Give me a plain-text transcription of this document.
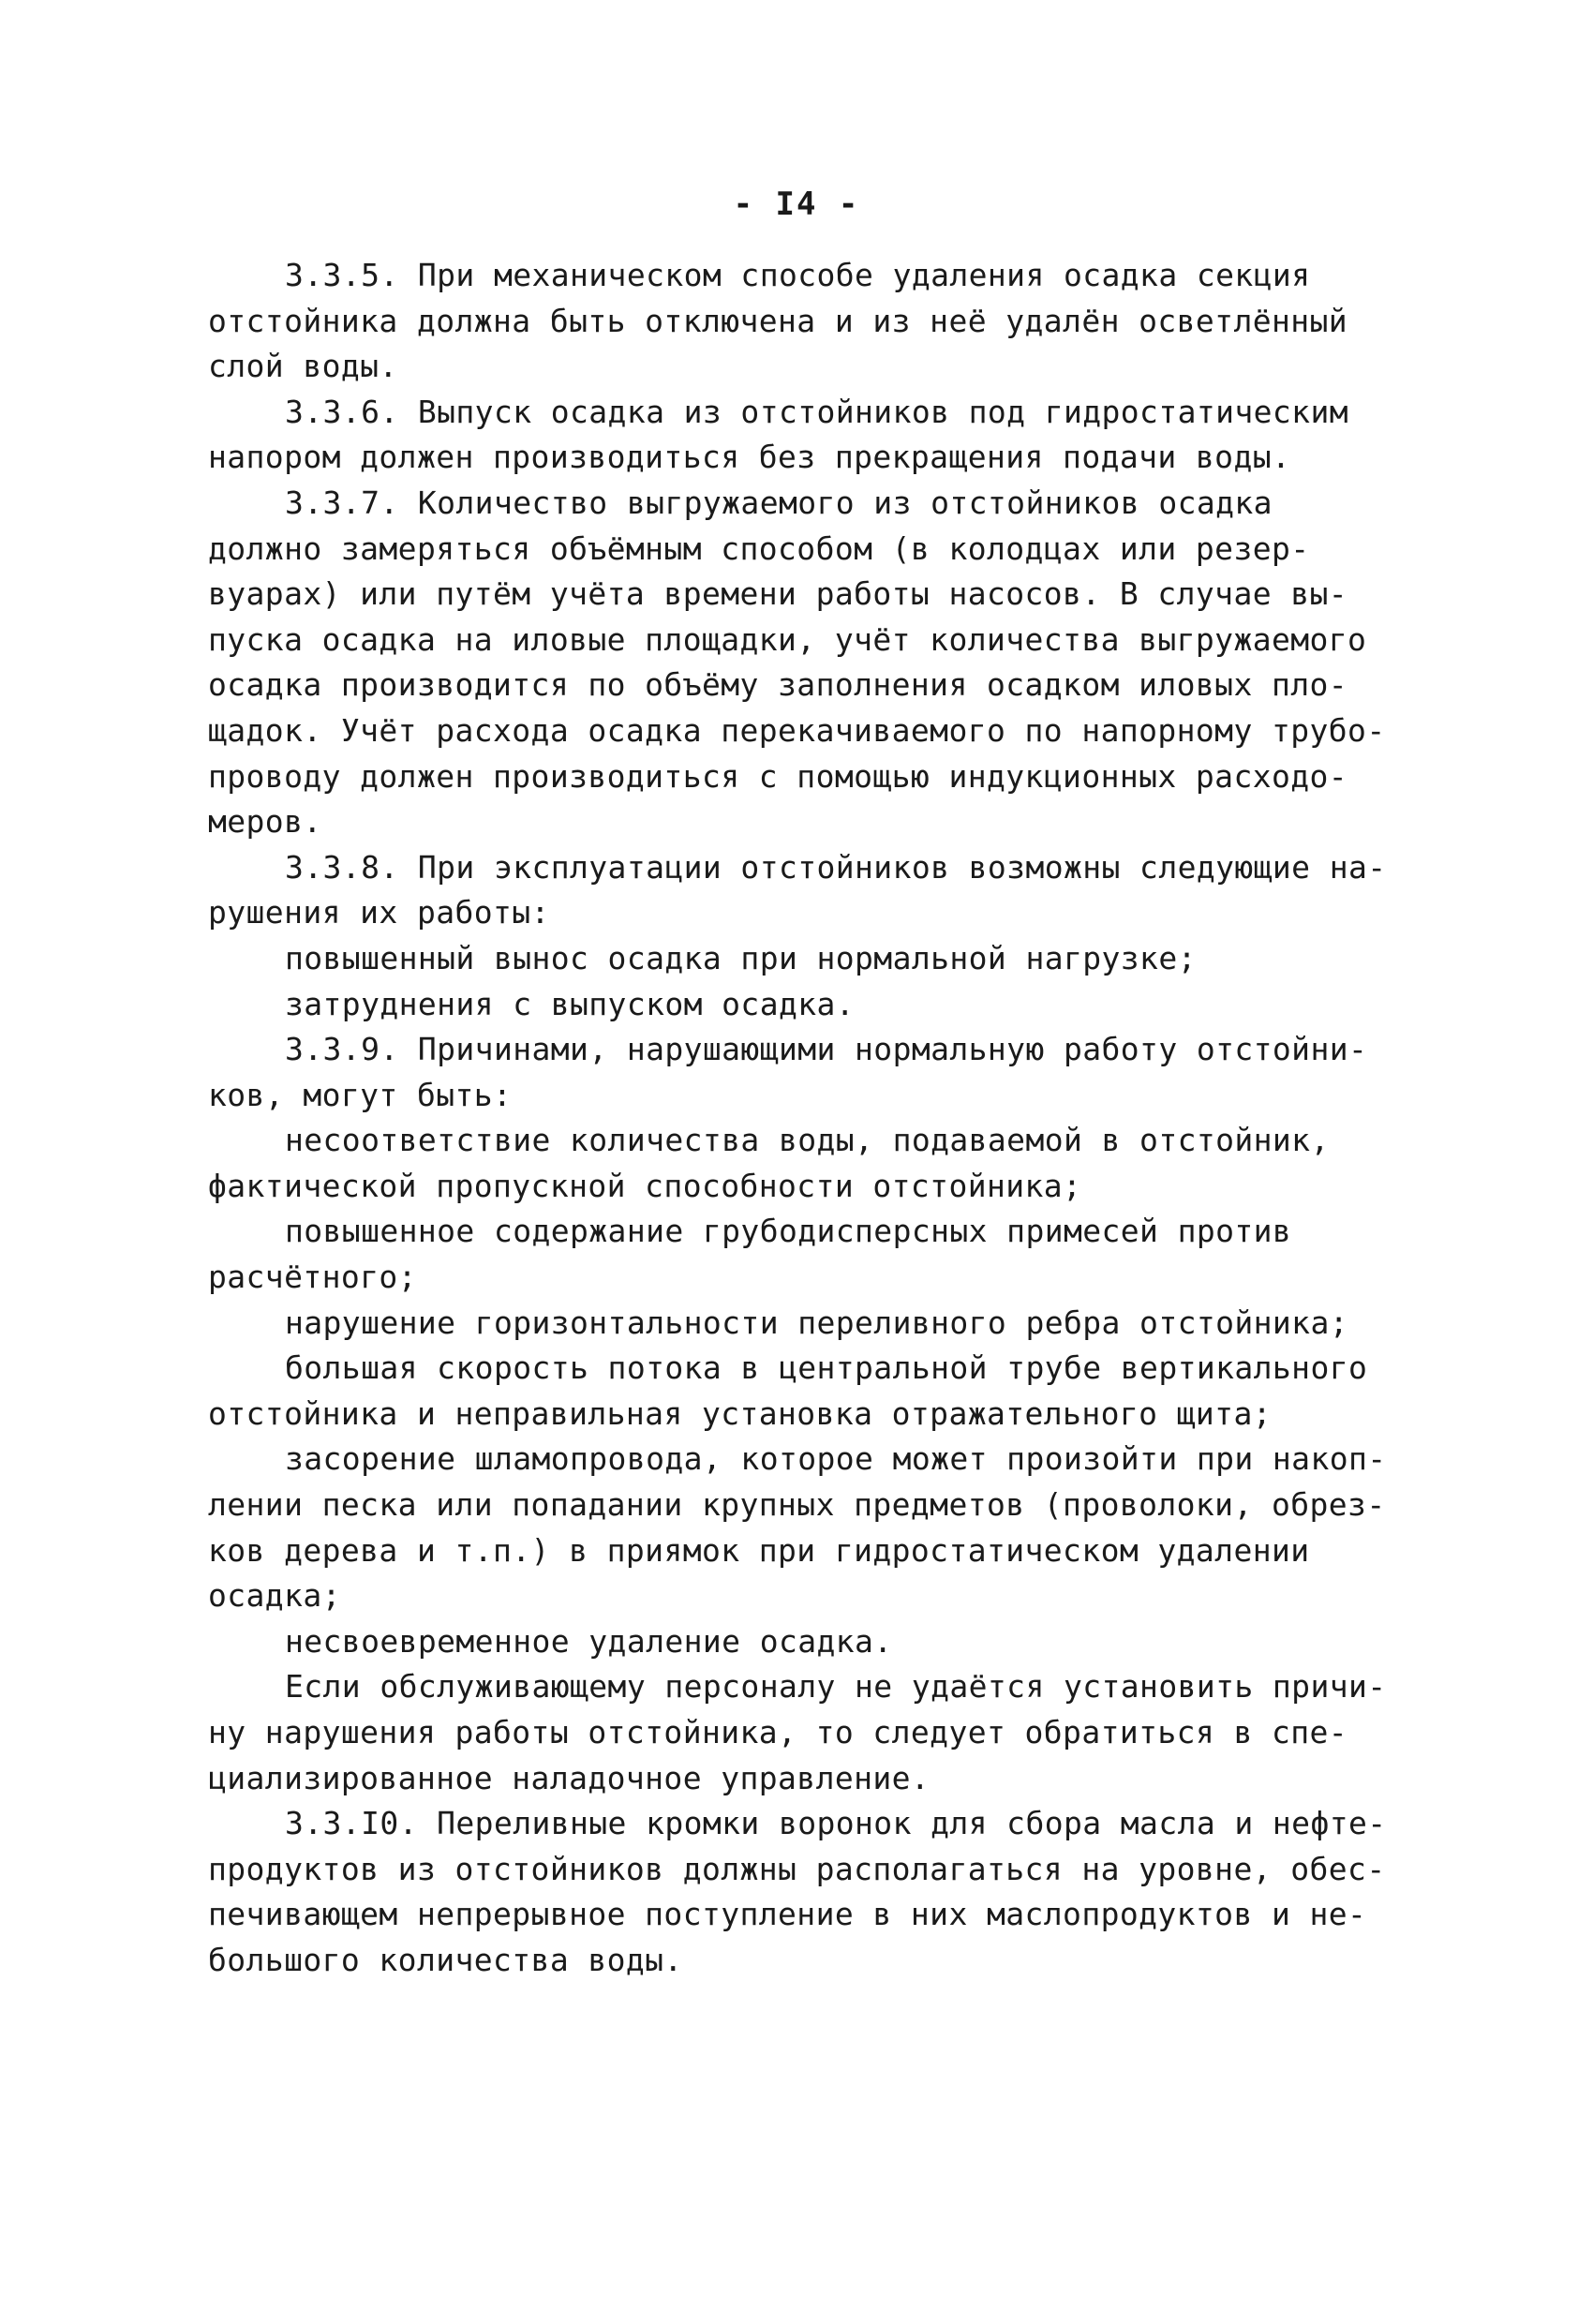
- I4 -
3.3.5. При механическом способе удаления осадка секция
отстойника должна быть отключена и из неё удалён осветлённый
слой воды.
3.3.6. Выпуск осадка из отстойников под гидростатическим
напором должен производиться без прекращения подачи воды.
3.3.7. Количество выгружаемого из отстойников осадка
должно замеряться объёмным способом (в колодцах или резер-
вуарах) или путём учёта времени работы насосов. В случае вы-
пуска осадка на иловые площадки, учёт количества выгружаемого
осадка производится по объёму заполнения осадком иловых пло-
щадок. Учёт расхода осадка перекачиваемого по напорному трубо-
проводу должен производиться с помощью индукционных расходо-
меров.
3.3.8. При эксплуатации отстойников возможны следующие на-
рушения их работы:
повышенный вынос осадка при нормальной нагрузке;
затруднения с выпуском осадка.
3.3.9. Причинами, нарушающими нормальную работу отстойни-
ков, могут быть:
несоответствие количества воды, подаваемой в отстойник,
фактической пропускной способности отстойника;
повышенное содержание грубодисперсных примесей против
расчётного;
нарушение горизонтальности переливного ребра отстойника;
большая скорость потока в центральной трубе вертикального
отстойника и неправильная установка отражательного щита;
засорение шламопровода, которое может произойти при накоп-
лении песка или попадании крупных предметов (проволоки, обрез-
ков дерева и т.п.) в приямок при гидростатическом удалении
осадка;
несвоевременное удаление осадка.
Если обслуживающему персоналу не удаётся установить причи-
ну нарушения работы отстойника, то следует обратиться в спе-
циализированное наладочное управление.
3.3.I0. Переливные кромки воронок для сбора масла и нефте-
продуктов из отстойников должны располагаться на уровне, обес-
печивающем непрерывное поступление в них маслопродуктов и не-
большого количества воды.
